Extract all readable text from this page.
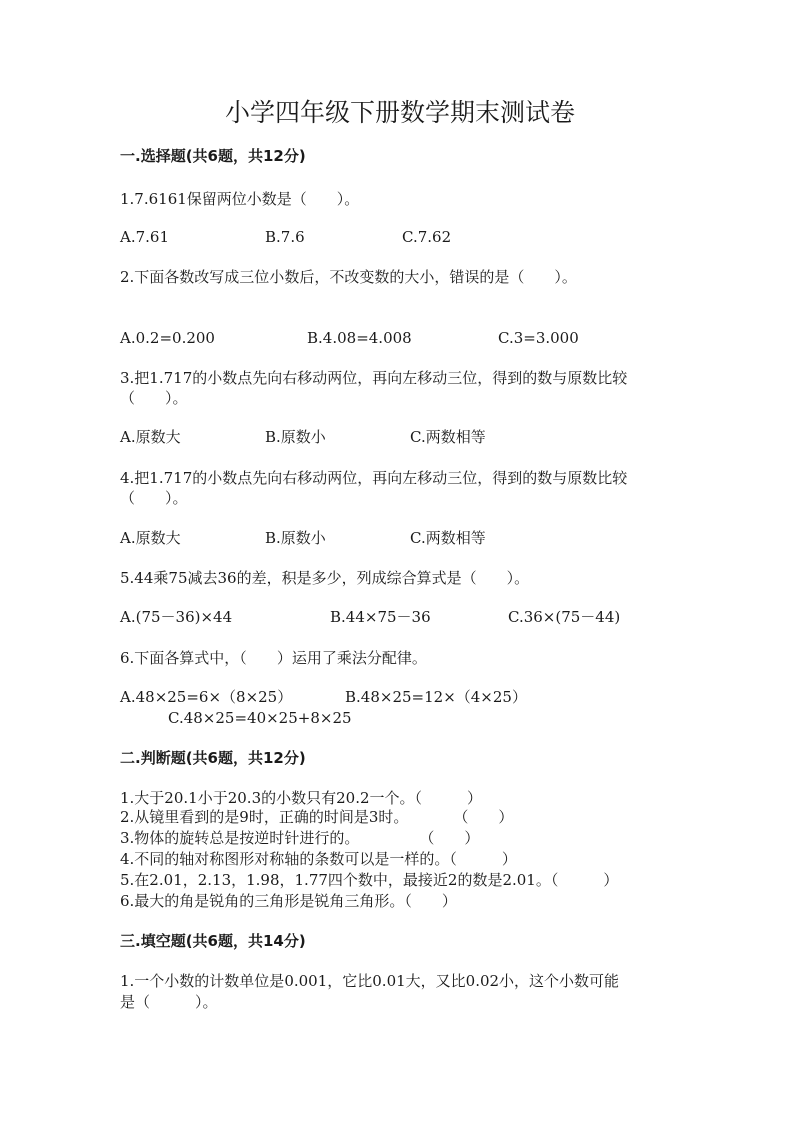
小学四年级下册数学期末测试卷
一.选择题(共6题，共12分)
1.7.6161保留两位小数是（　　）。
A.7.61	B.7.6	C.7.62
2.下面各数改写成三位小数后，不改变数的大小，错误的是（　　）。
A.0.2=0.200	B.4.08=4.008	C.3=3.000
3.把1.717的小数点先向右移动两位，再向左移动三位，得到的数与原数比较
（　　）。
A.原数大	B.原数小	C.两数相等
4.把1.717的小数点先向右移动两位，再向左移动三位，得到的数与原数比较
（　　）。
A.原数大	B.原数小	C.两数相等
5.44乘75减去36的差，积是多少，列成综合算式是（　　）。
A.(75－36)×44	B.44×75－36	C.36×(75－44)
6.下面各算式中，（　　）运用了乘法分配律。
A.48×25=6×（8×25）	B.48×25=12×（4×25）
C.48×25=40×25+8×25
二.判断题(共6题，共12分)
1.大于20.1小于20.3的小数只有20.2一个。（　　　）
2.从镜里看到的是9时，正确的时间是3时。　　　　（　　）
3.物体的旋转总是按逆时针进行的。　　　　　（　　）
4.不同的轴对称图形对称轴的条数可以是一样的。（　　　）
5.在2.01，2.13，1.98，1.77四个数中，最接近2的数是2.01。（　　　）
6.最大的角是锐角的三角形是锐角三角形。（　　）
三.填空题(共6题，共14分)
1.一个小数的计数单位是0.001，它比0.01大，又比0.02小，这个小数可能
是（　　　）。
